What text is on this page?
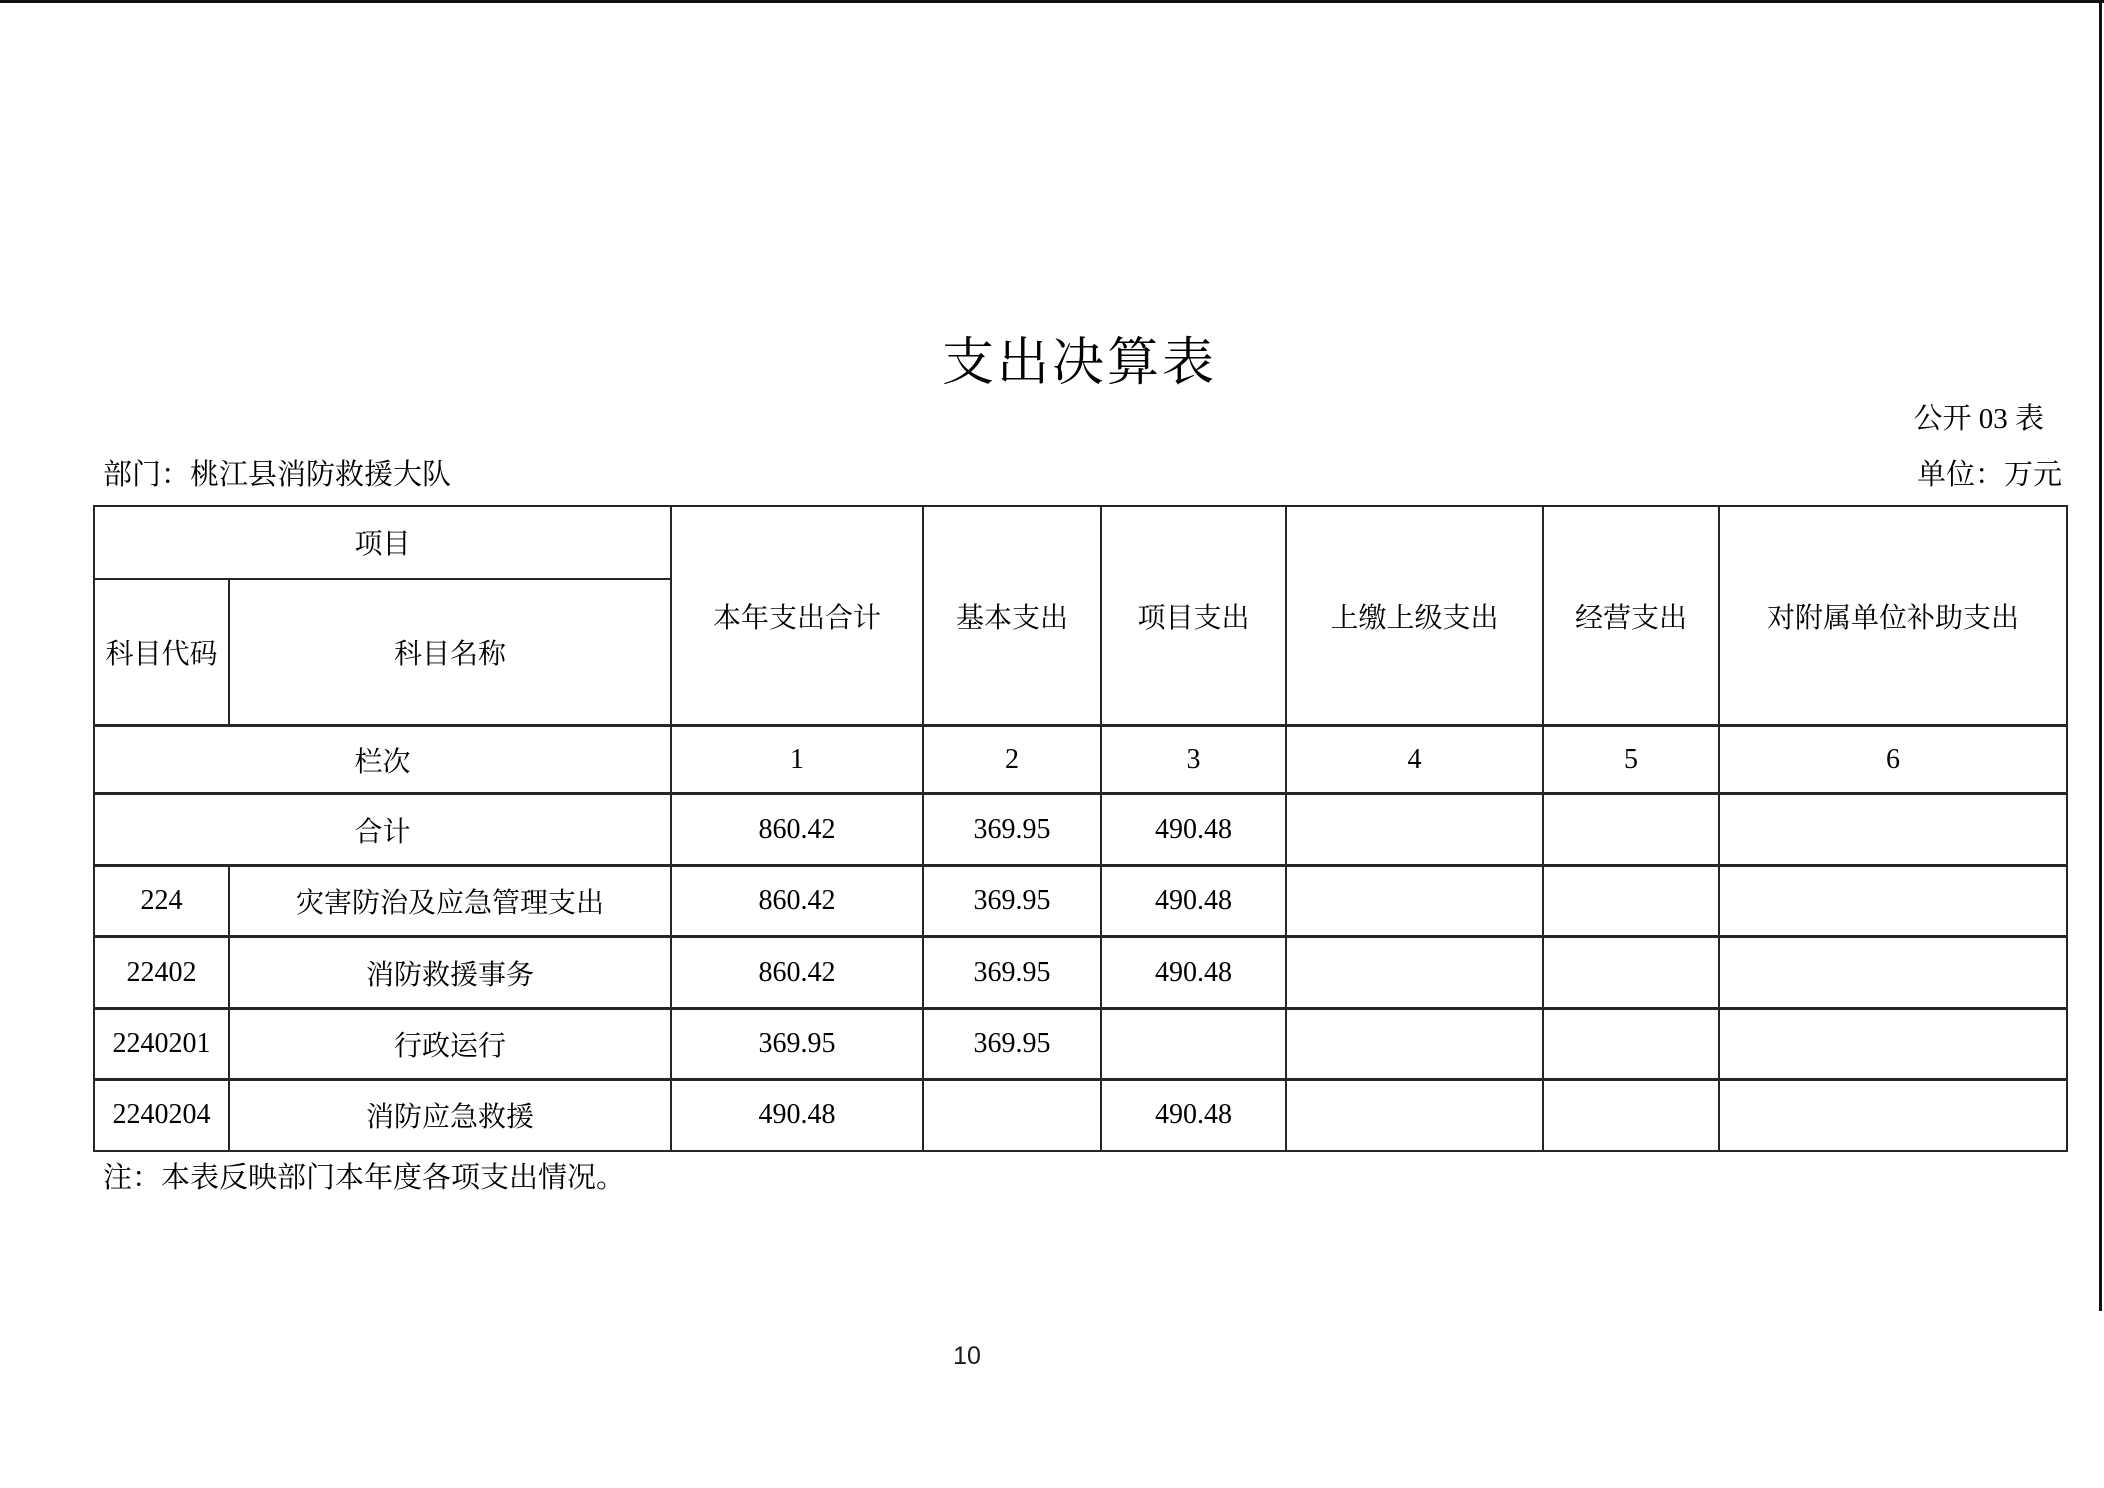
支出决算表
公开 03 表
部门：桃江县消防救援大队	单位：万元
项目		本年支出合计	基本支出	项目支出	上缴上级支出	经营支出	对附属单位补助支出
科目代码	科目名称						
栏次		1	2	3	4	5	6
合计		860.42	369.95	490.48			
224	灾害防治及应急管理支出	860.42	369.95	490.48			
22402	消防救援事务	860.42	369.95	490.48			
2240201	行政运行	369.95	369.95				
2240204	消防应急救援	490.48		490.48			
注：本表反映部门本年度各项支出情况。
10
